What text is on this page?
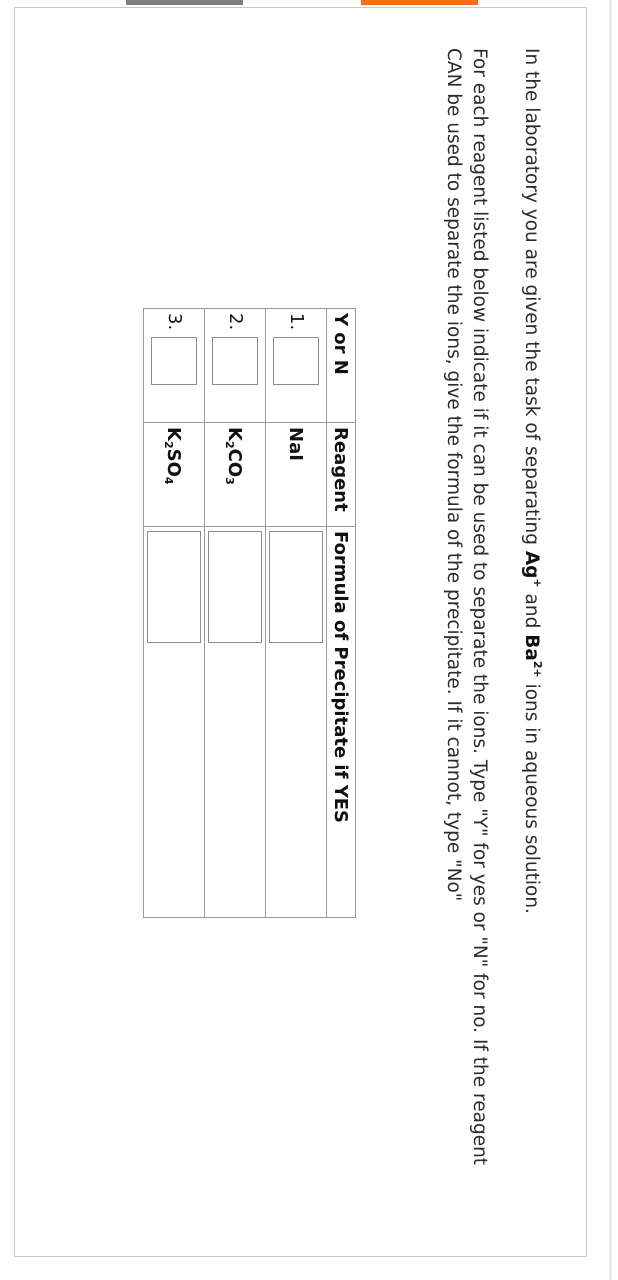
In the laboratory you are given the task of separating Ag+ and $Ba^{2+}$ ions in aqueous solution.

For each reagent listed below indicate if it can be used to separate the ions. Type "Y" for yes or "N" for no. If the reagent CAN be used to separate the ions, give the formula of the precipitate. If it cannot, type "No"

Y or N	Reagent	Formula of Precipitate if YES
1.	NaI	

2.	$K_2CO_3$	

3.	$K_2SO_4$	
